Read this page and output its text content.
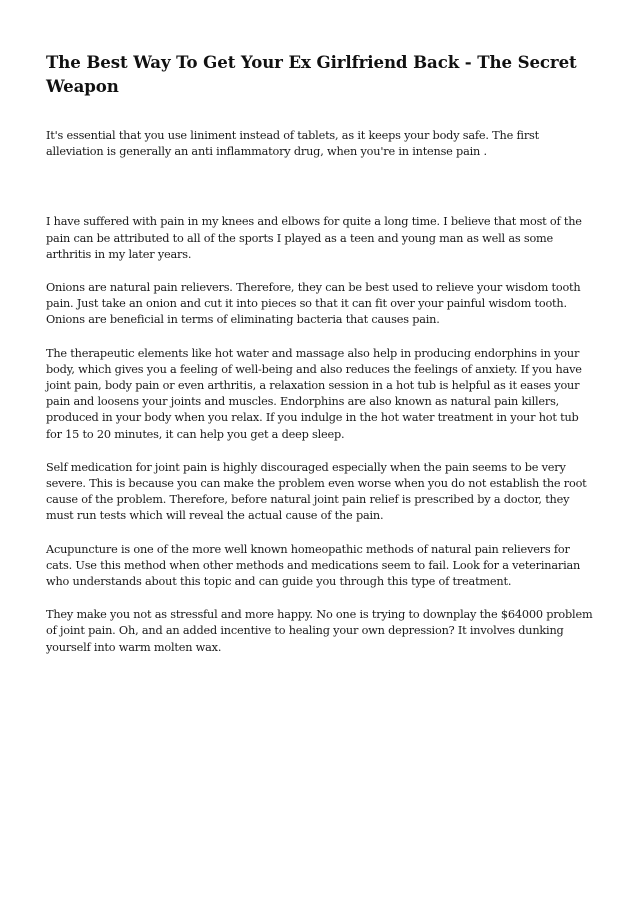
The Best Way To Get Your Ex Girlfriend Back - The Secret Weapon

It's essential that you use liniment instead of tablets, as it keeps your body safe. The first alleviation is generally an anti inflammatory drug, when you're in intense pain .

I have suffered with pain in my knees and elbows for quite a long time. I believe that most of the pain can be attributed to all of the sports I played as a teen and young man as well as some arthritis in my later years.

Onions are natural pain relievers. Therefore, they can be best used to relieve your wisdom tooth pain. Just take an onion and cut it into pieces so that it can fit over your painful wisdom tooth. Onions are beneficial in terms of eliminating bacteria that causes pain.

The therapeutic elements like hot water and massage also help in producing endorphins in your body, which gives you a feeling of well-being and also reduces the feelings of anxiety. If you have joint pain, body pain or even arthritis, a relaxation session in a hot tub is helpful as it eases your pain and loosens your joints and muscles. Endorphins are also known as natural pain killers, produced in your body when you relax. If you indulge in the hot water treatment in your hot tub for 15 to 20 minutes, it can help you get a deep sleep.

Self medication for joint pain is highly discouraged especially when the pain seems to be very severe. This is because you can make the problem even worse when you do not establish the root cause of the problem. Therefore, before natural joint pain relief is prescribed by a doctor, they must run tests which will reveal the actual cause of the pain.

Acupuncture is one of the more well known homeopathic methods of natural pain relievers for cats. Use this method when other methods and medications seem to fail. Look for a veterinarian who understands about this topic and can guide you through this type of treatment.

They make you not as stressful and more happy. No one is trying to downplay the $64000 problem of joint pain. Oh, and an added incentive to healing your own depression? It involves dunking yourself into warm molten wax.
